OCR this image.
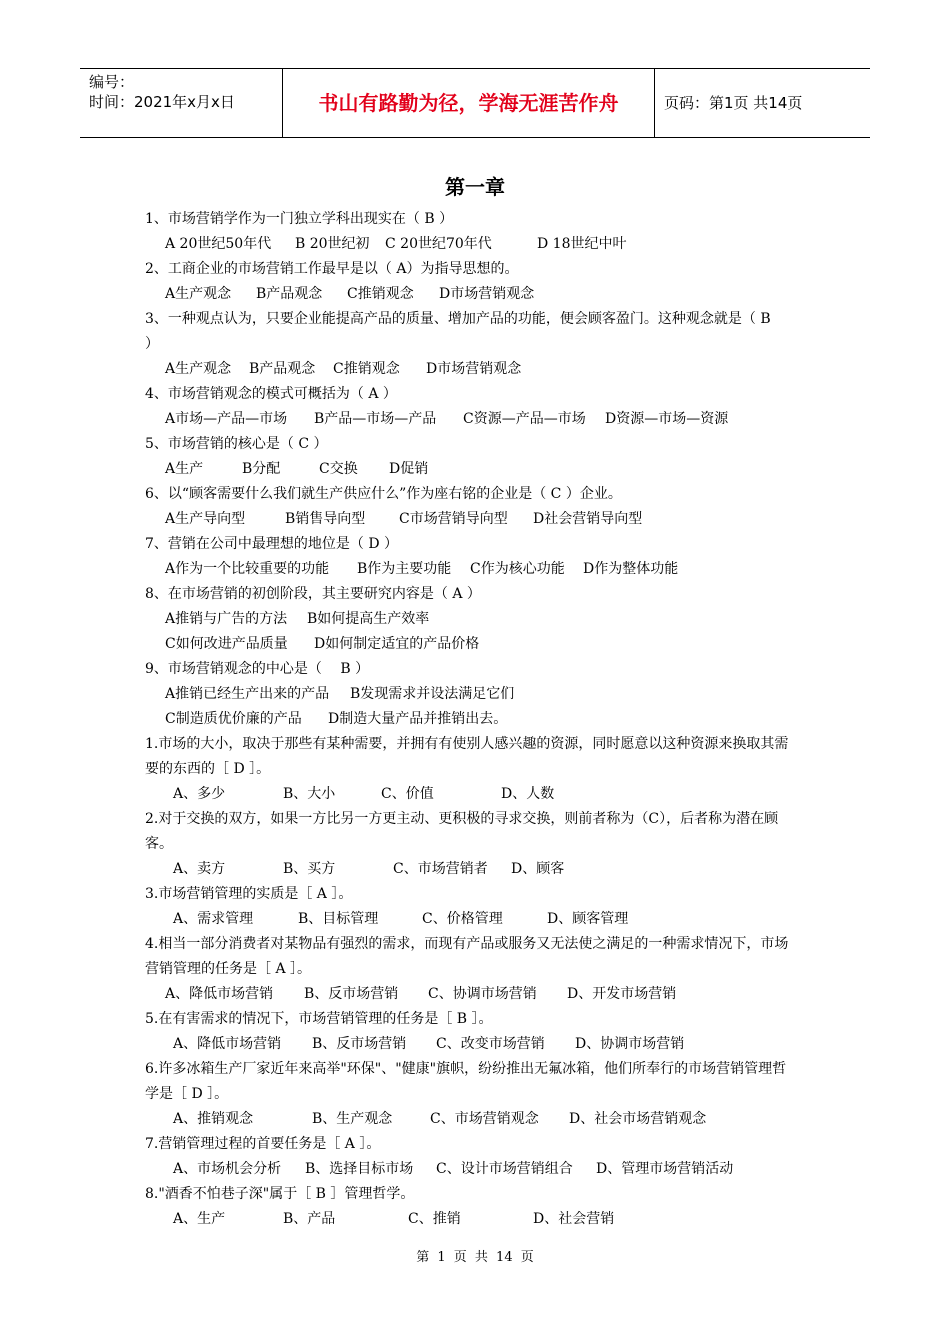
编号：
时间：2021年x月x日	书山有路勤为径，学海无涯苦作舟	页码：第1页 共14页
第一章
1、市场营销学作为一门独立学科出现实在（ B ）
A 20世纪50年代 B 20世纪初 C 20世纪70年代	D 18世纪中叶
2、工商企业的市场营销工作最早是以（ A）为指导思想的。
A生产观念 B产品观念 C推销观念 D市场营销观念
3、一种观点认为，只要企业能提高产品的质量、增加产品的功能，便会顾客盈门。这种观念就是（ B
）
A生产观念 B产品观念 C推销观念 D市场营销观念
4、市场营销观念的模式可概括为（ A ）
A市场—产品—市场 B产品—市场—产品 C资源—产品—市场 D资源—市场—资源
5、市场营销的核心是（ C ）
A生产	B分配	C交换 D促销
6、以“顾客需要什么我们就生产供应什么”作为座右铭的企业是（ C ）企业。
A生产导向型	B销售导向型 C市场营销导向型 D社会营销导向型
7、营销在公司中最理想的地位是（ D ）
A作为一个比较重要的功能 B作为主要功能 C作为核心功能 D作为整体功能
8、在市场营销的初创阶段，其主要研究内容是（ A ）
A推销与广告的方法 B如何提高生产效率
C如何改进产品质量 D如何制定适宜的产品价格
9、市场营销观念的中心是（　 B ）
A推销已经生产出来的产品 B发现需求并设法满足它们
C制造质优价廉的产品 D制造大量产品并推销出去。
1.市场的大小，取决于那些有某种需要，并拥有有使别人感兴趣的资源，同时愿意以这种资源来换取其需
要的东西的［ D ］。
A、多少	B、大小	C、价值	D、人数
2.对于交换的双方，如果一方比另一方更主动、更积极的寻求交换，则前者称为（C），后者称为潜在顾
客。
A、卖方	B、买方	C、市场营销者 D、顾客
3.市场营销管理的实质是［ A ］。
A、需求管理	B、目标管理	C、价格管理	D、顾客管理
4.相当一部分消费者对某物品有强烈的需求，而现有产品或服务又无法使之满足的一种需求情况下，市场
营销管理的任务是［ A ］。
A、降低市场营销 B、反市场营销 C、协调市场营销 D、开发市场营销
5.在有害需求的情况下，市场营销管理的任务是［ B ］。
A、降低市场营销 B、反市场营销 C、改变市场营销 D、协调市场营销
6.许多冰箱生产厂家近年来高举"环保"、"健康"旗帜，纷纷推出无氟冰箱，他们所奉行的市场营销管理哲
学是［ D ］。
A、推销观念	B、生产观念	C、市场营销观念 D、社会市场营销观念
7.营销管理过程的首要任务是［ A ］。
A、市场机会分析 B、选择目标市场 C、设计市场营销组合 D、管理市场营销活动
8."酒香不怕巷子深"属于［ B ］管理哲学。
A、生产	B、产品	C、推销	D、社会营销
第 1 页 共 14 页
